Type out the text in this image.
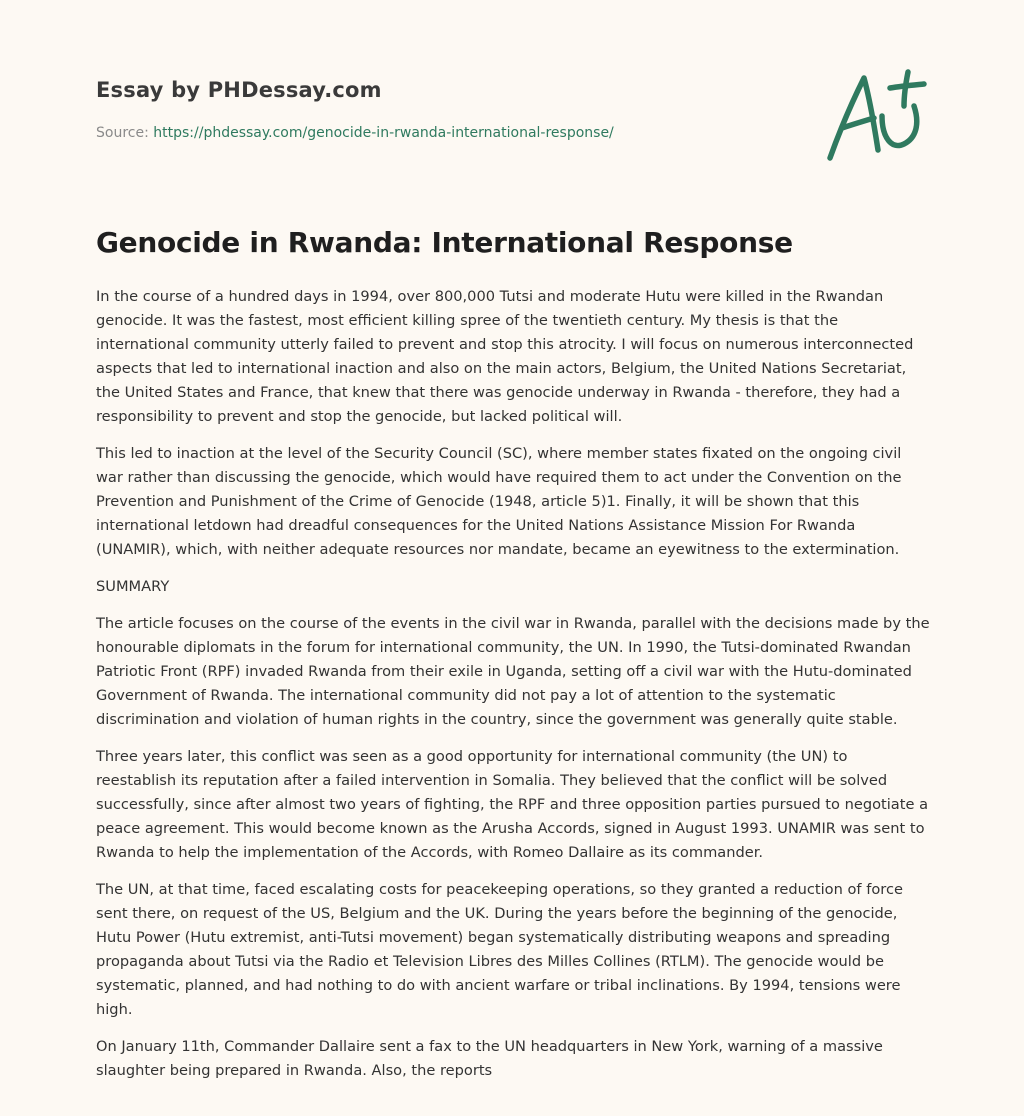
Essay by PHDessay.com
Source: https://phdessay.com/genocide-in-rwanda-international-response/
Genocide in Rwanda: International Response

In the course of a hundred days in 1994, over 800,000 Tutsi and moderate Hutu were killed in the Rwandan genocide. It was the fastest, most efficient killing spree of the twentieth century. My thesis is that the international community utterly failed to prevent and stop this atrocity. I will focus on numerous interconnected aspects that led to international inaction and also on the main actors, Belgium, the United Nations Secretariat, the United States and France, that knew that there was genocide underway in Rwanda - therefore, they had a responsibility to prevent and stop the genocide, but lacked political will.

This led to inaction at the level of the Security Council (SC), where member states fixated on the ongoing civil war rather than discussing the genocide, which would have required them to act under the Convention on the Prevention and Punishment of the Crime of Genocide (1948, article 5)1. Finally, it will be shown that this international letdown had dreadful consequences for the United Nations Assistance Mission For Rwanda (UNAMIR), which, with neither adequate resources nor mandate, became an eyewitness to the extermination.

SUMMARY

The article focuses on the course of the events in the civil war in Rwanda, parallel with the decisions made by the honourable diplomats in the forum for international community, the UN. In 1990, the Tutsi-dominated Rwandan Patriotic Front (RPF) invaded Rwanda from their exile in Uganda, setting off a civil war with the Hutu-dominated Government of Rwanda. The international community did not pay a lot of attention to the systematic discrimination and violation of human rights in the country, since the government was generally quite stable.

Three years later, this conflict was seen as a good opportunity for international community (the UN) to reestablish its reputation after a failed intervention in Somalia. They believed that the conflict will be solved successfully, since after almost two years of fighting, the RPF and three opposition parties pursued to negotiate a peace agreement. This would become known as the Arusha Accords, signed in August 1993. UNAMIR was sent to Rwanda to help the implementation of the Accords, with Romeo Dallaire as its commander.

The UN, at that time, faced escalating costs for peacekeeping operations, so they granted a reduction of force sent there, on request of the US, Belgium and the UK. During the years before the beginning of the genocide, Hutu Power (Hutu extremist, anti-Tutsi movement) began systematically distributing weapons and spreading propaganda about Tutsi via the Radio et Television Libres des Milles Collines (RTLM). The genocide would be systematic, planned, and had nothing to do with ancient warfare or tribal inclinations. By 1994, tensions were high.

On January 11th, Commander Dallaire sent a fax to the UN headquarters in New York, warning of a massive slaughter being prepared in Rwanda. Also, the reports
